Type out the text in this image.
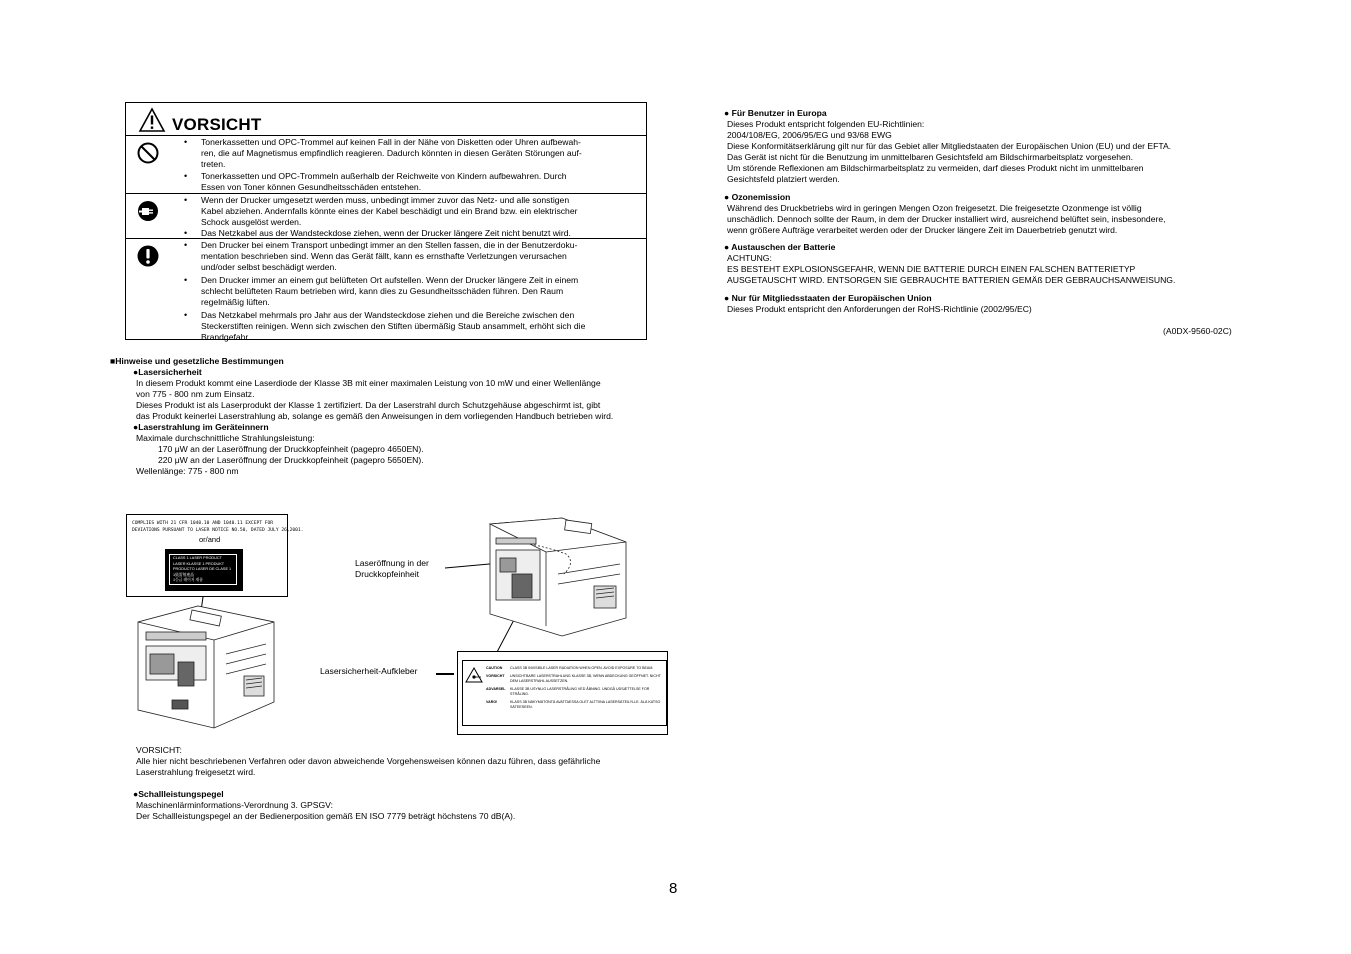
VORSICHT
• Tonerkassetten und OPC-Trommel auf keinen Fall in der Nähe von Disketten oder Uhren aufbewah-
ren, die auf Magnetismus empfindlich reagieren. Dadurch könnten in diesen Geräten Störungen auf-
treten.
• Tonerkassetten und OPC-Trommeln außerhalb der Reichweite von Kindern aufbewahren. Durch
Essen von Toner können Gesundheitsschäden entstehen.
• Wenn der Drucker umgesetzt werden muss, unbedingt immer zuvor das Netz- und alle sonstigen
Kabel abziehen. Andernfalls könnte eines der Kabel beschädigt und ein Brand bzw. ein elektrischer
Schock ausgelöst werden.
• Das Netzkabel aus der Wandsteckdose ziehen, wenn der Drucker längere Zeit nicht benutzt wird.
• Den Drucker bei einem Transport unbedingt immer an den Stellen fassen, die in der Benutzerdoku-
mentation beschrieben sind. Wenn das Gerät fällt, kann es ernsthafte Verletzungen verursachen
und/oder selbst beschädigt werden.
• Den Drucker immer an einem gut belüfteten Ort aufstellen. Wenn der Drucker längere Zeit in einem
schlecht belüfteten Raum betrieben wird, kann dies zu Gesundheitsschäden führen. Den Raum
regelmäßig lüften.
• Das Netzkabel mehrmals pro Jahr aus der Wandsteckdose ziehen und die Bereiche zwischen den
Steckerstiften reinigen. Wenn sich zwischen den Stiften übermäßig Staub ansammelt, erhöht sich die
Brandgefahr.
■Hinweise und gesetzliche Bestimmungen
●Lasersicherheit
In diesem Produkt kommt eine Laserdiode der Klasse 3B mit einer maximalen Leistung von 10 mW und einer Wellenlänge
von 775 - 800 nm zum Einsatz.
Dieses Produkt ist als Laserprodukt der Klasse 1 zertifiziert. Da der Laserstrahl durch Schutzgehäuse abgeschirmt ist, gibt
das Produkt keinerlei Laserstrahlung ab, solange es gemäß den Anweisungen in dem vorliegenden Handbuch betrieben wird.
●Laserstrahlung im Geräteinnern
Maximale durchschnittliche Strahlungsleistung:
170 μW an der Laseröffnung der Druckkopfeinheit (pagepro 4650EN).
220 μW an der Laseröffnung der Druckkopfeinheit (pagepro 5650EN).
Wellenlänge: 775 - 800 nm
COMPLIES WITH 21 CFR 1040.10 AND 1040.11 EXCEPT FOR
DEVIATIONS PURSUANT TO LASER NOTICE NO.50, DATED JULY 26,2001.
or/and
CLASS 1 LASER PRODUCT
LASER KLASSE 1 PRODUKT
PRODUCTO LASER DE CLASE 1
1級雷射產品
1등급 레이저 제품
Laseröffnung in der
Druckkopfeinheit
Lasersicherheit-Aufkleber	CAUTION	CLASS 3B INVISIBLE LASER RADIATION WHEN OPEN. AVOID EXPOSURE TO BEAM.
VORSICHT	UNSICHTBARE LASERSTRAHLUNG KLASSE 3B, WENN ABDECKUNG GEÖFFNET. NICHT DEM LASERSTRAHL AUSSETZEN.
ADVARSEL	KLASSE 3B USYNLIG LASERSTRÅLING VED ÅBNING. UNDGÅ UDSÆTTELSE FOR STRÅLING.
VARO!	KLASS 3B NÄKYMÄTÖNTÄ AVATTAESSA OLET ALTTIINA LASERSÄTEILYLLE. ÄLÄ KATSO SÄTEESEEN.
VORSICHT:
Alle hier nicht beschriebenen Verfahren oder davon abweichende Vorgehensweisen können dazu führen, dass gefährliche
Laserstrahlung freigesetzt wird.
●Schallleistungspegel
Maschinenlärminformations-Verordnung 3. GPSGV:
Der Schallleistungspegel an der Bedienerposition gemäß EN ISO 7779 beträgt höchstens 70 dB(A).
● Für Benutzer in Europa
Dieses Produkt entspricht folgenden EU-Richtlinien:
2004/108/EG, 2006/95/EG und 93/68 EWG
Diese Konformitätserklärung gilt nur für das Gebiet aller Mitgliedstaaten der Europäischen Union (EU) und der EFTA.
Das Gerät ist nicht für die Benutzung im unmittelbaren Gesichtsfeld am Bildschirmarbeitsplatz vorgesehen.
Um störende Reflexionen am Bildschirmarbeitsplatz zu vermeiden, darf dieses Produkt nicht im unmittelbaren
Gesichtsfeld platziert werden.
● Ozonemission
Während des Druckbetriebs wird in geringen Mengen Ozon freigesetzt. Die freigesetzte Ozonmenge ist völlig
unschädlich. Dennoch sollte der Raum, in dem der Drucker installiert wird, ausreichend belüftet sein, insbesondere,
wenn größere Aufträge verarbeitet werden oder der Drucker längere Zeit im Dauerbetrieb genutzt wird.
● Austauschen der Batterie
ACHTUNG:
ES BESTEHT EXPLOSIONSGEFAHR, WENN DIE BATTERIE DURCH EINEN FALSCHEN BATTERIETYP
AUSGETAUSCHT WIRD. ENTSORGEN SIE GEBRAUCHTE BATTERIEN GEMÄß DER GEBRAUCHSANWEISUNG.
● Nur für Mitgliedsstaaten der Europäischen Union
Dieses Produkt entspricht den Anforderungen der RoHS-Richtlinie (2002/95/EC)
(A0DX-9560-02C)
8
